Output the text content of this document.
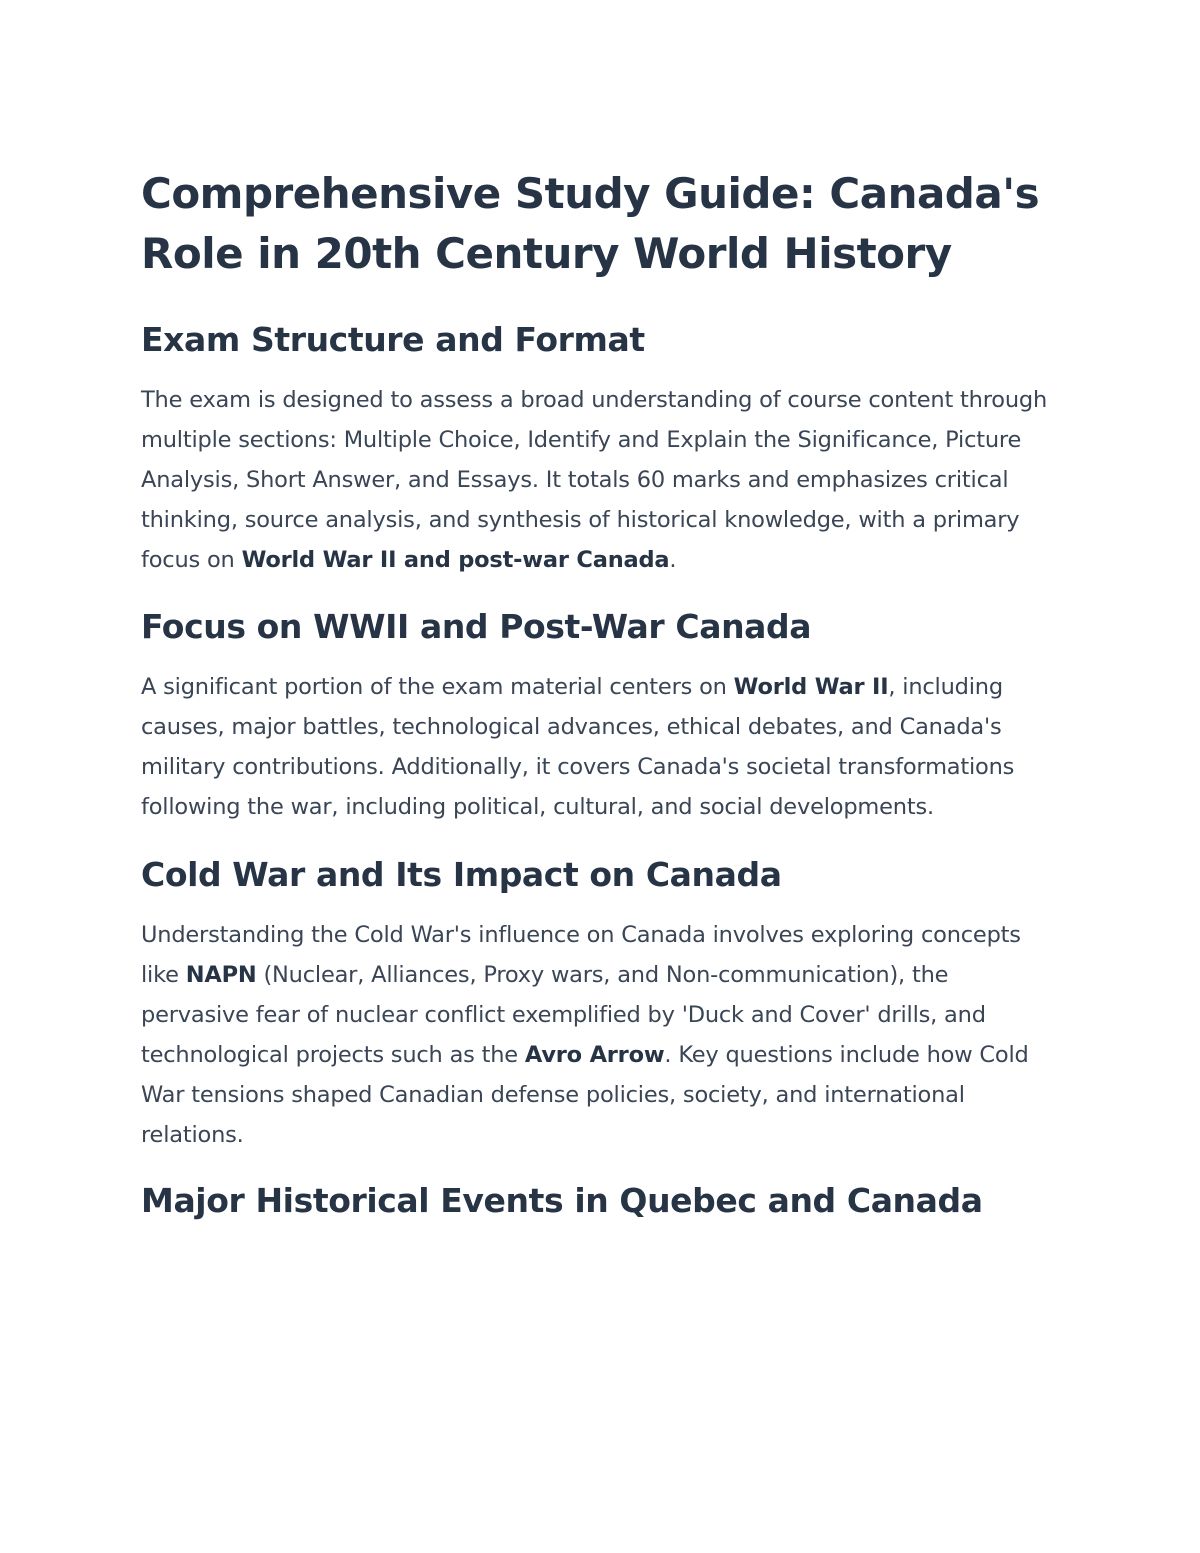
Comprehensive Study Guide: Canada's Role in 20th Century World History
Exam Structure and Format

The exam is designed to assess a broad understanding of course content through multiple sections: Multiple Choice, Identify and Explain the Significance, Picture Analysis, Short Answer, and Essays. It totals 60 marks and emphasizes critical thinking, source analysis, and synthesis of historical knowledge, with a primary focus on World War II and post-war Canada.

Focus on WWII and Post-War Canada

A significant portion of the exam material centers on World War II, including causes, major battles, technological advances, ethical debates, and Canada's military contributions. Additionally, it covers Canada's societal transformations following the war, including political, cultural, and social developments.

Cold War and Its Impact on Canada

Understanding the Cold War's influence on Canada involves exploring concepts like NAPN (Nuclear, Alliances, Proxy wars, and Non-communication), the pervasive fear of nuclear conflict exemplified by 'Duck and Cover' drills, and technological projects such as the Avro Arrow. Key questions include how Cold War tensions shaped Canadian defense policies, society, and international relations.

Major Historical Events in Quebec and Canada
